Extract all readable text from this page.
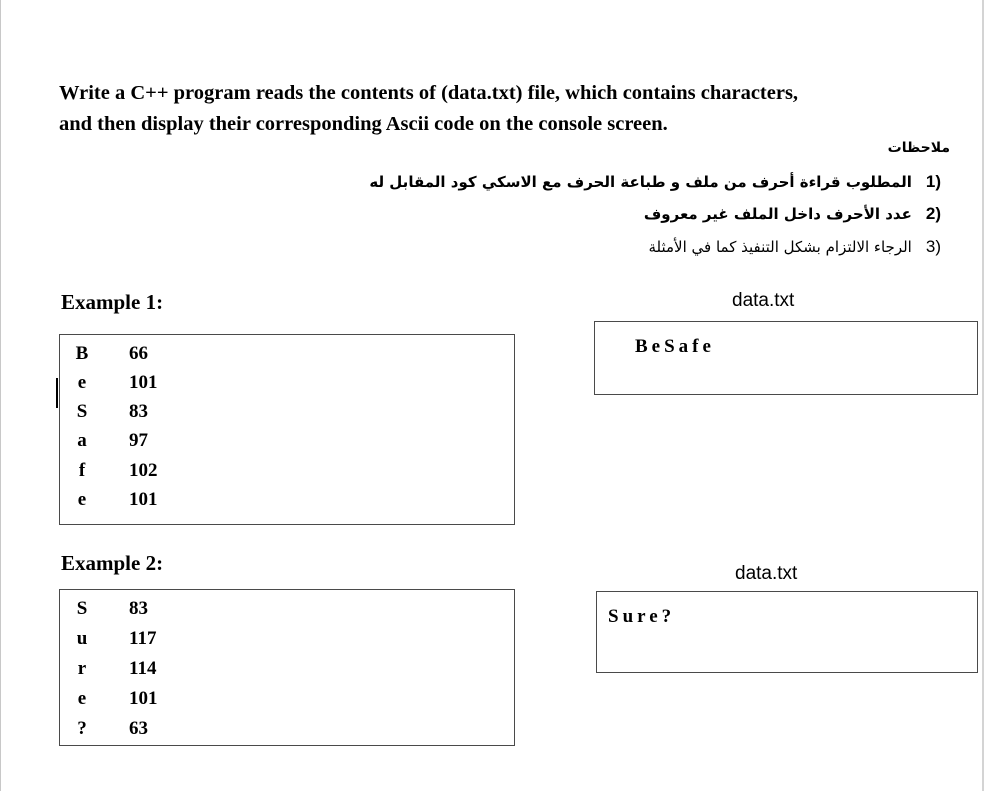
Write a C++ program reads the contents of (data.txt) file, which contains characters,
and then display their corresponding Ascii code on the console screen.
ملاحظات
(1المطلوب قراءة أحرف من ملف و طباعة الحرف مع الاسكي كود المقابل له
(2عدد الأحرف داخل الملف غير معروف
(3الرجاء الالتزام بشكل التنفيذ كما في الأمثلة
Example 1:	data.txt
BeSafe
B 66
e 101
S 83
a 97
f 102
e 101
Example 2:	data.txt
Sure?
S 83
u 117
r 114
e 101
? 63
